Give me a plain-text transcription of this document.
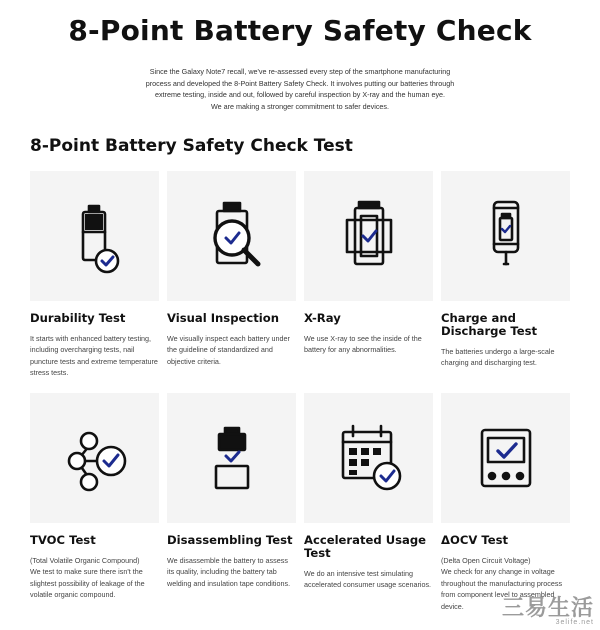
8-Point Battery Safety Check
Since the Galaxy Note7 recall, we've re-assessed every step of the smartphone manufacturing
process and developed the 8-Point Battery Safety Check. It involves putting our batteries through
extreme testing, inside and out, followed by careful inspection by X-ray and the human eye.
We are making a stronger commitment to safer devices.
8-Point Battery Safety Check Test
Durability Test
It starts with enhanced battery testing, including overcharging tests, nail puncture tests and extreme temperature stress tests.
Visual Inspection
We visually inspect each battery under the guideline of standardized and objective criteria.
X-Ray
We use X-ray to see the inside of the battery for any abnormalities.
Charge and Discharge Test
The batteries undergo a large-scale charging and discharging test.
TVOC Test
(Total Volatile Organic Compound)
We test to make sure there isn't the slightest possibility of leakage of the volatile organic compound.
Disassembling Test
We disassemble the battery to assess its quality, including the battery tab welding and insulation tape conditions.
Accelerated Usage Test
We do an intensive test simulating accelerated consumer usage scenarios.
ΔOCV Test
(Delta Open Circuit Voltage)
We check for any change in voltage throughout the manufacturing process from component level to assembled device.	三易生活
3elife.net
